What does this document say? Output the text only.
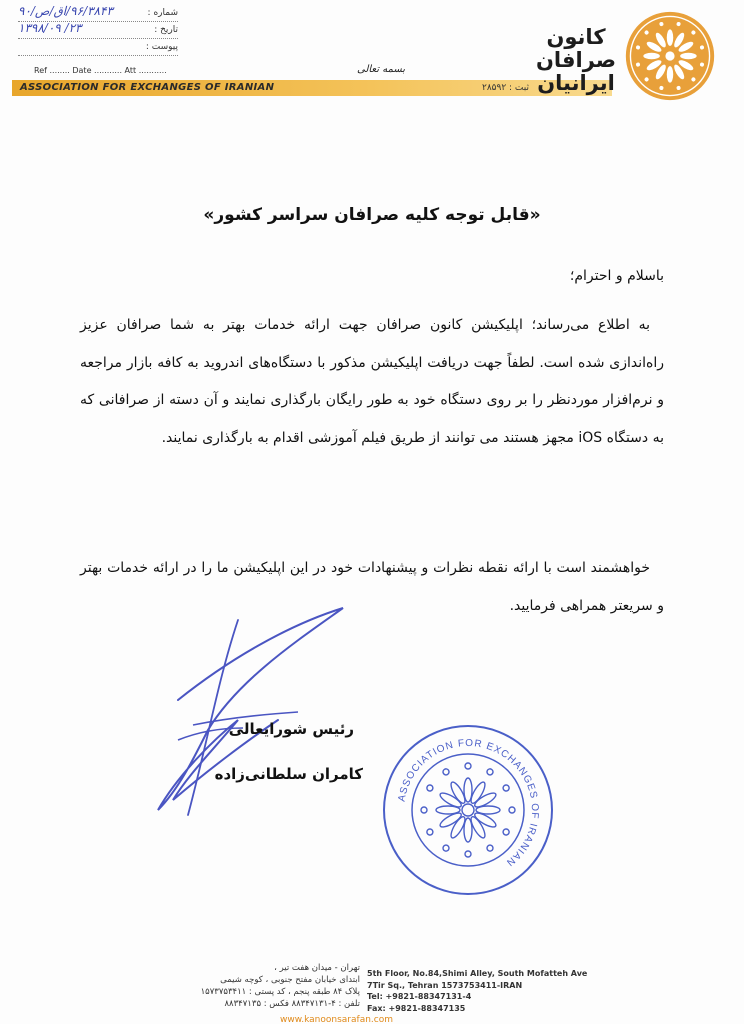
شماره :
۹۶/۳۸۴۳/اق/ص/۹۰
تاریخ :
۲۳/ ۱۳۹۸/۰۹
پیوست :
Ref ........ Date ........... Att ...........	بسمه تعالی
ASSOCIATION FOR EXCHANGES OF IRANIAN	ثبت : ۲۸۵۹۲
کانون
صرافان
ایرانیان
«قابل توجه کلیه صرافان سراسر کشور»
باسلام و احترام؛
به اطلاع می‌رساند؛ اپلیکیشن کانون صرافان جهت ارائه خدمات بهتر به شما صرافان عزیز راه‌اندازی شده است. لطفاً جهت دریافت اپلیکیشن مذکور با دستگاه‌های اندروید به کافه بازار مراجعه و نرم‌افزار موردنظر را بر روی دستگاه خود به طور رایگان بارگذاری نمایند و آن دسته از صرافانی که به دستگاه iOS مجهز هستند می توانند از طریق فیلم آموزشی اقدام به بارگذاری نمایند.
خواهشمند است با ارائه نقطه نظرات و پیشنهادات خود در این اپلیکیشن ما را در ارائه خدمات بهتر و سریعتر همراهی فرمایید.
رئیس شورایعالی
کامران سلطانی‌زاده
ASSOCIATION FOR EXCHANGES OF IRANIAN
تهران - میدان هفت تیر ،
ابتدای خیابان مفتح جنوبی ، کوچه شیمی
پلاک ۸۴ طبقه پنجم ، کد پستی : ۱۵۷۳۷۵۳۴۱۱
تلفن : ۴-۸۸۳۴۷۱۳۱ فکس : ۸۸۳۴۷۱۳۵
5th Floor, No.84,Shimi Alley, South Mofatteh Ave
7Tir Sq., Tehran 1573753411-IRAN
Tel: +9821-88347131-4
Fax: +9821-88347135
www.kanoonsarafan.com
